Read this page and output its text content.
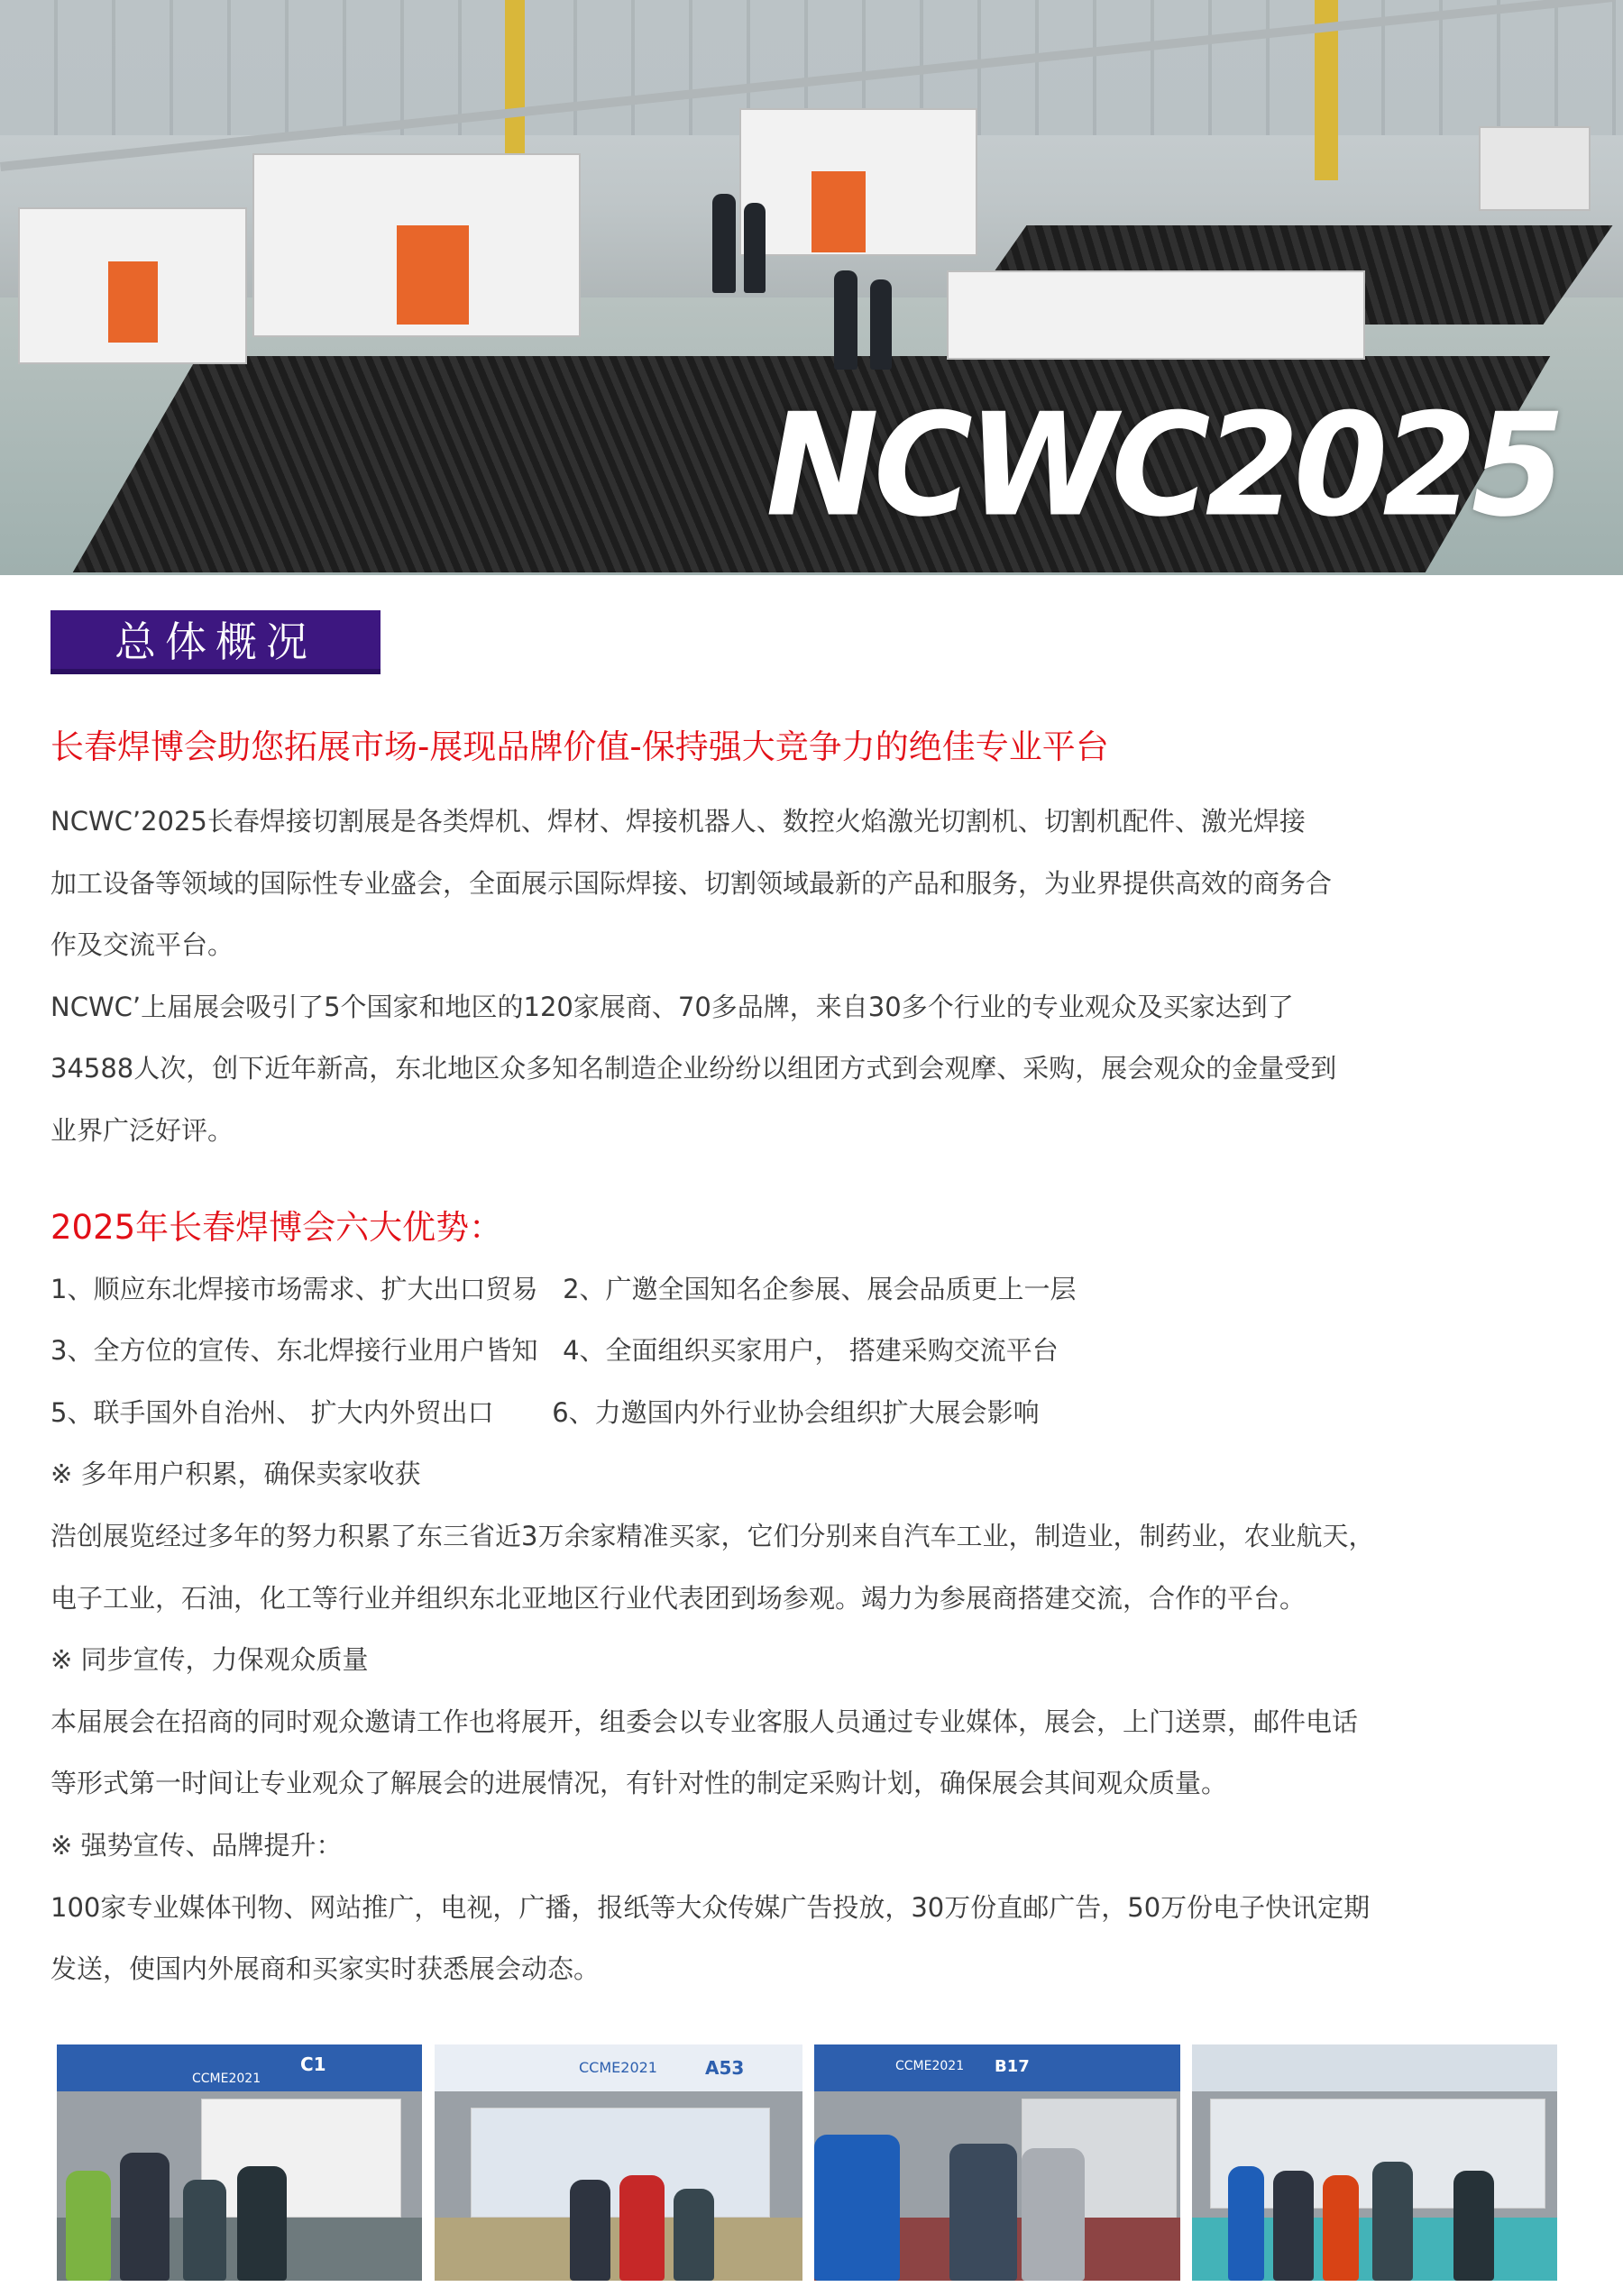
NCWC2025
总体概况
长春焊博会助您拓展市场-展现品牌价值-保持强大竞争力的绝佳专业平台
NCWC’2025长春焊接切割展是各类焊机、焊材、焊接机器人、数控火焰激光切割机、切割机配件、激光焊接
加工设备等领域的国际性专业盛会，全面展示国际焊接、切割领域最新的产品和服务，为业界提供高效的商务合
作及交流平台。
NCWC’上届展会吸引了5个国家和地区的120家展商、70多品牌，来自30多个行业的专业观众及买家达到了
34588人次，创下近年新高，东北地区众多知名制造企业纷纷以组团方式到会观摩、采购，展会观众的金量受到
业界广泛好评。
2025年长春焊博会六大优势：
1、顺应东北焊接市场需求、扩大出口贸易   2、广邀全国知名企参展、展会品质更上一层
3、全方位的宣传、东北焊接行业用户皆知   4、全面组织买家用户， 搭建采购交流平台
5、联手国外自治州、 扩大内外贸出口       6、力邀国内外行业协会组织扩大展会影响
※ 多年用户积累，确保卖家收获
浩创展览经过多年的努力积累了东三省近3万余家精准买家，它们分别来自汽车工业，制造业，制药业，农业航天，
电子工业，石油，化工等行业并组织东北亚地区行业代表团到场参观。竭力为参展商搭建交流，合作的平台。
※ 同步宣传，力保观众质量
本届展会在招商的同时观众邀请工作也将展开，组委会以专业客服人员通过专业媒体，展会，上门送票，邮件电话
等形式第一时间让专业观众了解展会的进展情况，有针对性的制定采购计划，确保展会其间观众质量。
※ 强势宣传、品牌提升：
100家专业媒体刊物、网站推广，电视，广播，报纸等大众传媒广告投放，30万份直邮广告，50万份电子快讯定期
发送，使国内外展商和买家实时获悉展会动态。
C1
CCME2021	A53
CCME2021	B17
CCME2021
